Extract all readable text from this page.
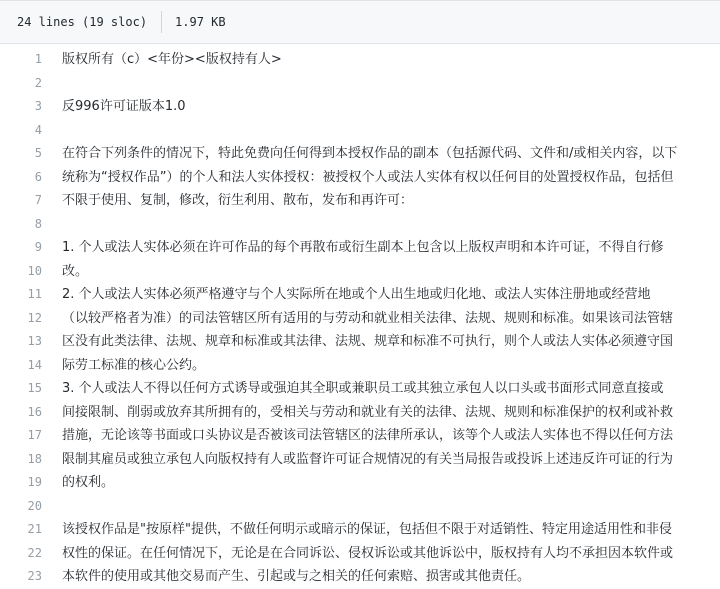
24 lines (19 sloc) 1.97 KB
1	版权所有（c）<年份><版权持有人>
2
3	反996许可证版本1.0
4
5	在符合下列条件的情况下，特此免费向任何得到本授权作品的副本（包括源代码、文件和/或相关内容，以下
6	统称为“授权作品”）的个人和法人实体授权：被授权个人或法人实体有权以任何目的处置授权作品，包括但
7	不限于使用、复制，修改，衍生利用、散布，发布和再许可：
8
9	1. 个人或法人实体必须在许可作品的每个再散布或衍生副本上包含以上版权声明和本许可证，不得自行修
10	改。
11	2. 个人或法人实体必须严格遵守与个人实际所在地或个人出生地或归化地、或法人实体注册地或经营地
12	（以较严格者为准）的司法管辖区所有适用的与劳动和就业相关法律、法规、规则和标准。如果该司法管辖
13	区没有此类法律、法规、规章和标准或其法律、法规、规章和标准不可执行，则个人或法人实体必须遵守国
14	际劳工标准的核心公约。
15	3. 个人或法人不得以任何方式诱导或强迫其全职或兼职员工或其独立承包人以口头或书面形式同意直接或
16	间接限制、削弱或放弃其所拥有的，受相关与劳动和就业有关的法律、法规、规则和标准保护的权利或补救
17	措施，无论该等书面或口头协议是否被该司法管辖区的法律所承认，该等个人或法人实体也不得以任何方法
18	限制其雇员或独立承包人向版权持有人或监督许可证合规情况的有关当局报告或投诉上述违反许可证的行为
19	的权利。
20
21	该授权作品是"按原样"提供，不做任何明示或暗示的保证，包括但不限于对适销性、特定用途适用性和非侵
22	权性的保证。在任何情况下，无论是在合同诉讼、侵权诉讼或其他诉讼中，版权持有人均不承担因本软件或
23	本软件的使用或其他交易而产生、引起或与之相关的任何索赔、损害或其他责任。
